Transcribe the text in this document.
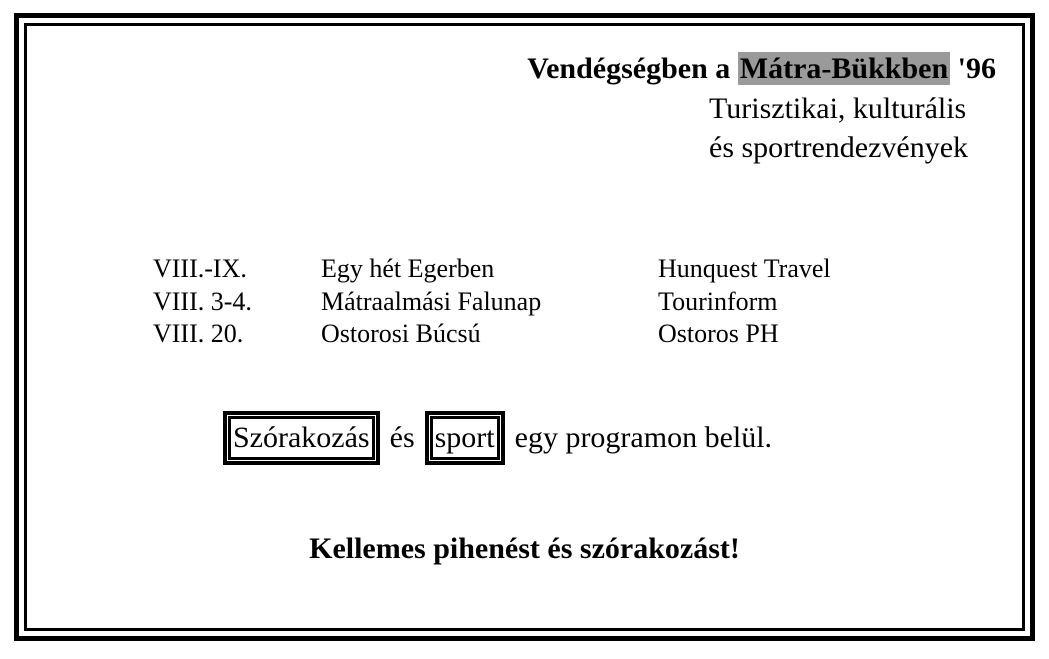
Vendégségben a Mátra-Bükkben '96
Turisztikai, kulturális
és sportrendezvények
VIII.-IX.	Egy hét Egerben	Hunquest Travel
VIII. 3-4.	Mátraalmási Falunap	Tourinform
VIII. 20.	Ostorosi Búcsú	Ostoros PH
Szórakozás és sport egy programon belül.
Kellemes pihenést és szórakozást!
